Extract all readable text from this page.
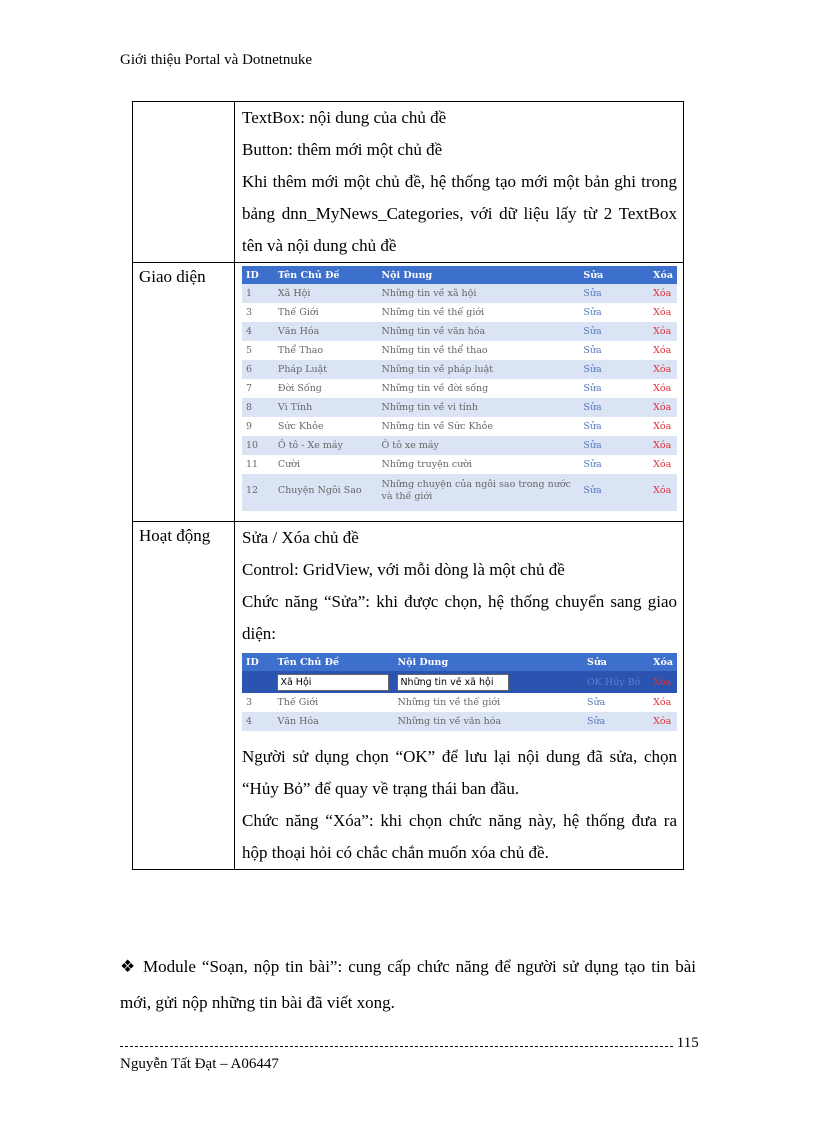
Giới thiệu Portal và Dotnetnuke

TextBox: nội dung của chủ đề

Button: thêm mới một chủ đề

Khi thêm mới một chủ đề, hệ thống tạo mới một bản ghi trong bảng dnn_MyNews_Categories, với dữ liệu lấy từ 2 TextBox tên và nội dung chủ đề

Giao diện		ID	Tên Chủ Đề	Nội Dung	Sửa	Xóa
1	Xã Hội	Những tin về xã hội	Sửa	Xóa
3	Thế Giới	Những tin về thế giới	Sửa	Xóa
4	Văn Hóa	Những tin về văn hóa	Sửa	Xóa
5	Thể Thao	Những tin về thể thao	Sửa	Xóa
6	Pháp Luật	Những tin về pháp luật	Sửa	Xóa
7	Đời Sống	Những tin về đời sống	Sửa	Xóa
8	Vi Tính	Những tin về vi tính	Sửa	Xóa
9	Sức Khỏe	Những tin về Sức Khỏe	Sửa	Xóa
10	Ô tô - Xe máy	Ô tô xe máy	Sửa	Xóa
11	Cười	Những truyện cười	Sửa	Xóa
12	Chuyện Ngôi Sao	Những chuyện của ngôi sao trong nước và thế giới	Sửa	Xóa

Hoạt động	Sửa / Xóa chủ đề

Control: GridView, với mỗi dòng là một chủ đề

Chức năng “Sửa”: khi được chọn, hệ thống chuyển sang giao diện:

ID	Tên Chủ Đề	Nội Dung	Sửa	Xóa
	Xã Hội	Những tin về xã hội	OK Hủy Bỏ	Xóa
3	Thế Giới	Những tin về thế giới	Sửa	Xóa
4	Văn Hóa	Những tin về văn hóa	Sửa	Xóa

Người sử dụng chọn “OK” để lưu lại nội dung đã sửa, chọn “Hủy Bỏ” để quay về trạng thái ban đầu.

Chức năng “Xóa”: khi chọn chức năng này, hệ thống đưa ra hộp thoại hỏi có chắc chắn muốn xóa chủ đề.

❖ Module “Soạn, nộp tin bài”: cung cấp chức năng để người sử dụng tạo tin bài mới, gửi nộp những tin bài đã viết xong.

115
Nguyễn Tất Đạt – A06447
